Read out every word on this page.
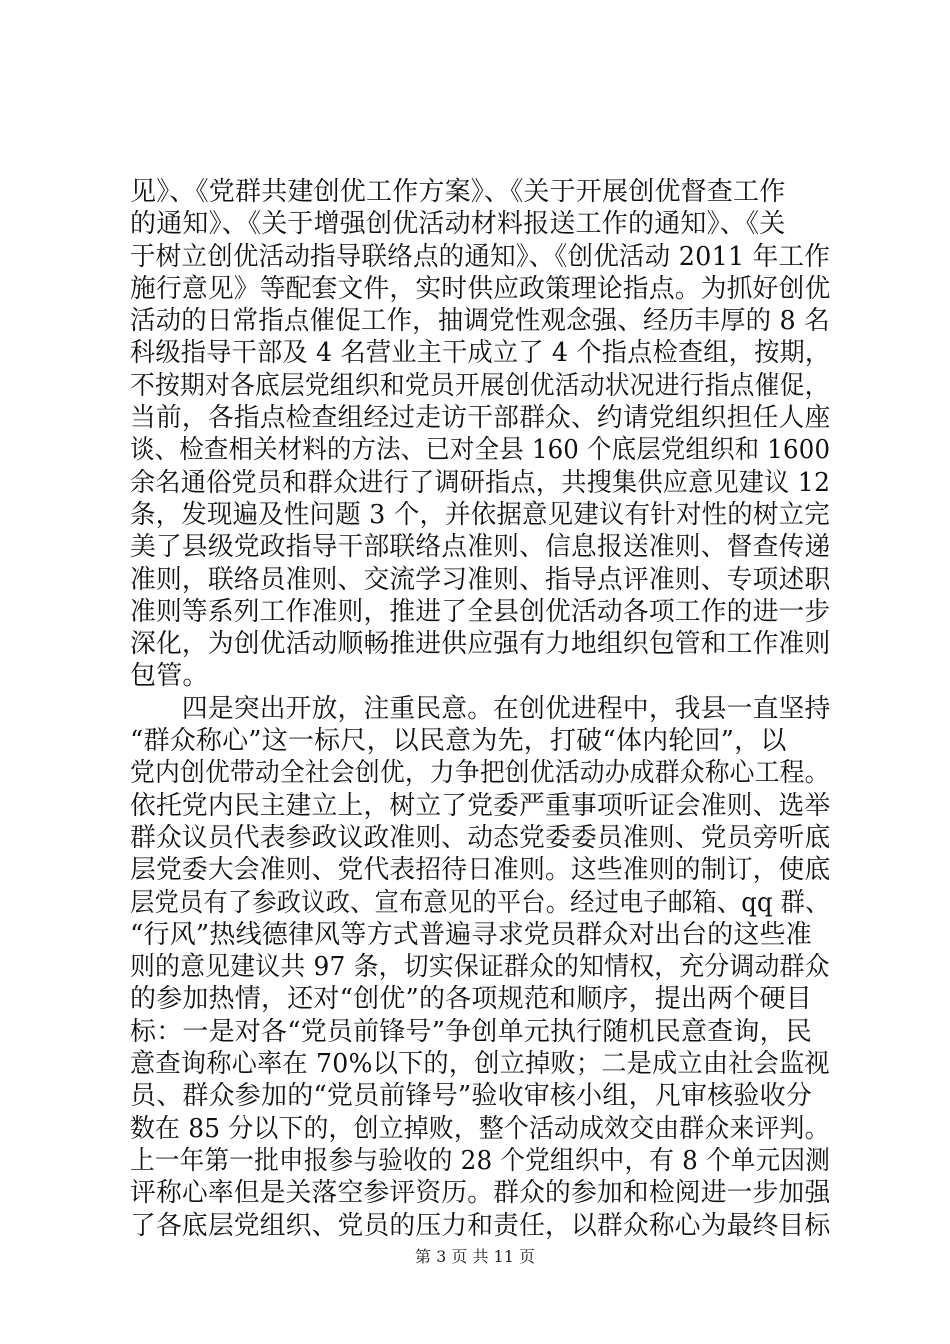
见》、《党群共建创优工作方案》、《关于开展创优督查工作
的通知》、《关于增强创优活动材料报送工作的通知》、《关
于树立创优活动指导联络点的通知》、《创优活动 2011 年工作
施行意见》等配套文件，实时供应政策理论指点。为抓好创优
活动的日常指点催促工作，抽调党性观念强、经历丰厚的 8 名
科级指导干部及 4 名营业主干成立了 4 个指点检查组，按期，
不按期对各底层党组织和党员开展创优活动状况进行指点催促，
当前，各指点检查组经过走访干部群众、约请党组织担任人座
谈、检查相关材料的方法、已对全县 160 个底层党组织和 1600
余名通俗党员和群众进行了调研指点，共搜集供应意见建议 12
条，发现遍及性问题 3 个，并依据意见建议有针对性的树立完
美了县级党政指导干部联络点准则、信息报送准则、督查传递
准则，联络员准则、交流学习准则、指导点评准则、专项述职
准则等系列工作准则，推进了全县创优活动各项工作的进一步
深化，为创优活动顺畅推进供应强有力地组织包管和工作准则
包管。
　　四是突出开放，注重民意。在创优进程中，我县一直坚持
“群众称心”这一标尺，以民意为先，打破“体内轮回”，以
党内创优带动全社会创优，力争把创优活动办成群众称心工程。
依托党内民主建立上，树立了党委严重事项听证会准则、选举
群众议员代表参政议政准则、动态党委委员准则、党员旁听底
层党委大会准则、党代表招待日准则。这些准则的制订，使底
层党员有了参政议政、宣布意见的平台。经过电子邮箱、qq 群、
“行风”热线德律风等方式普遍寻求党员群众对出台的这些准
则的意见建议共 97 条，切实保证群众的知情权，充分调动群众
的参加热情，还对“创优”的各项规范和顺序，提出两个硬目
标：一是对各“党员前锋号”争创单元执行随机民意查询，民
意查询称心率在 70%以下的，创立掉败；二是成立由社会监视
员、群众参加的“党员前锋号”验收审核小组，凡审核验收分
数在 85 分以下的，创立掉败，整个活动成效交由群众来评判。
上一年第一批申报参与验收的 28 个党组织中，有 8 个单元因测
评称心率但是关落空参评资历。群众的参加和检阅进一步加强
了各底层党组织、党员的压力和责任，以群众称心为最终目标
第 3 页 共 11 页
